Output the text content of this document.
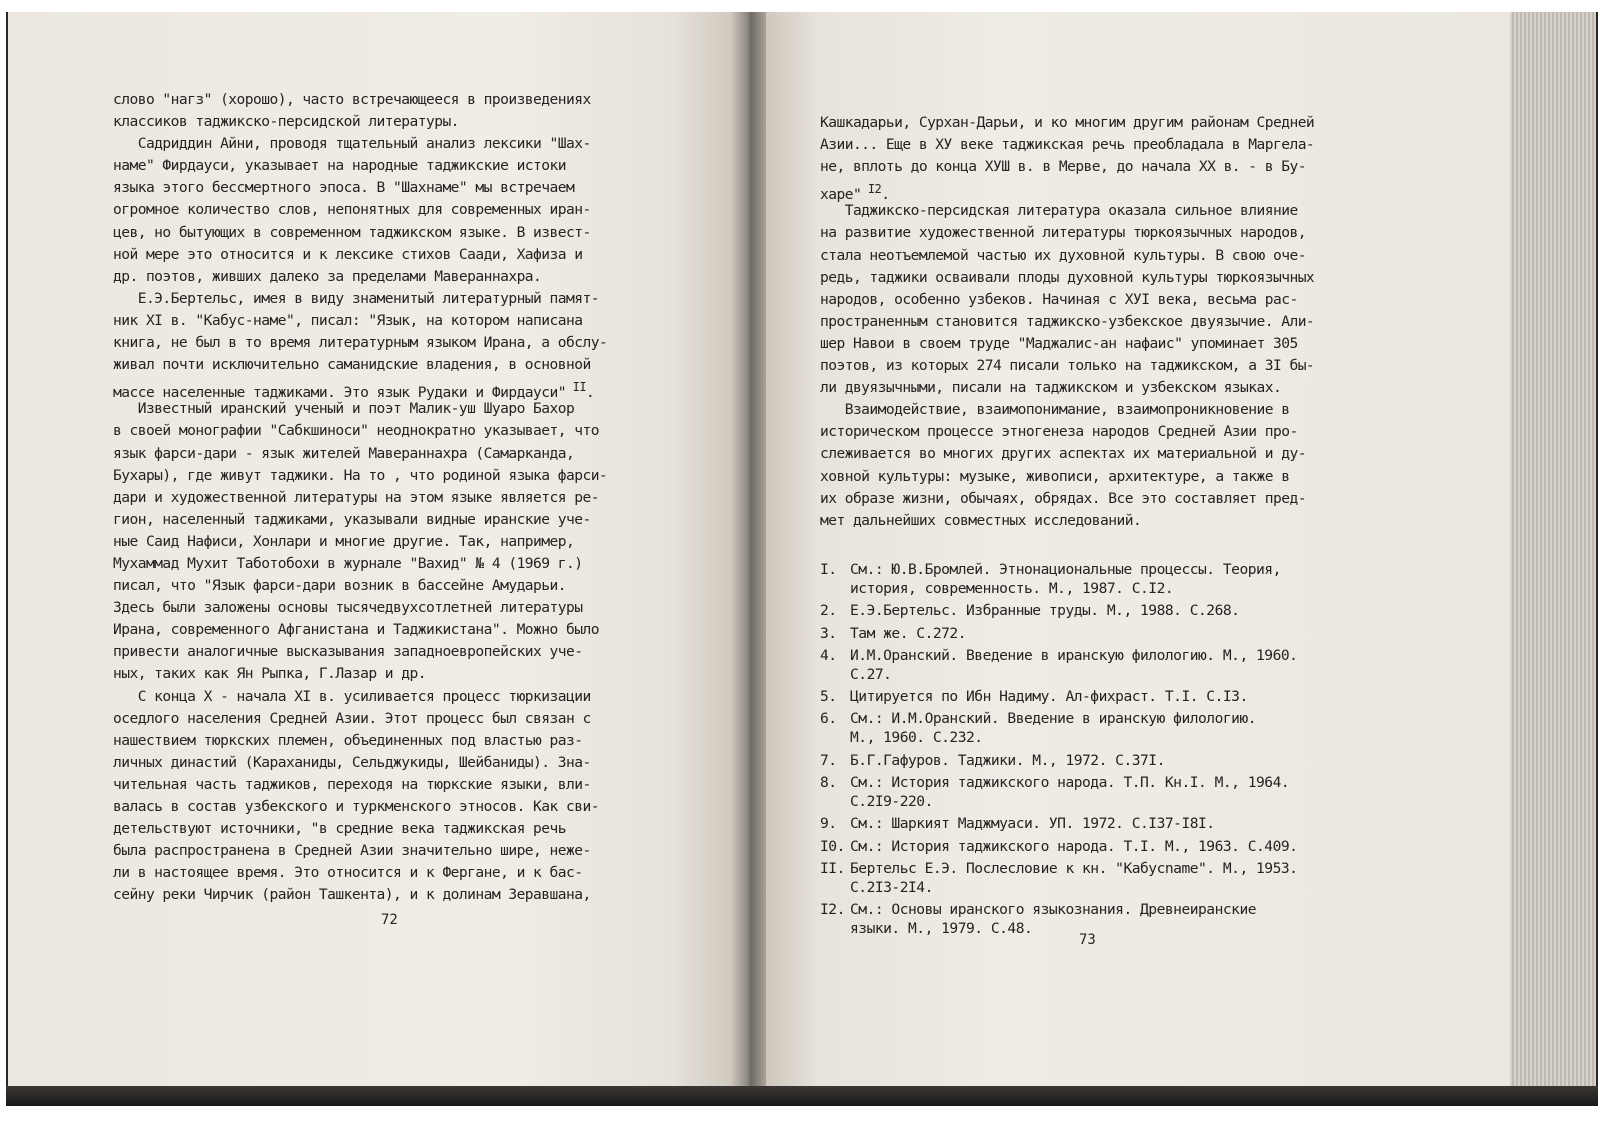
слово "нагз" (хорошо), часто встречающееся в произведениях
классиков таджикско-персидской литературы.
Садриддин Айни, проводя тщательный анализ лексики "Шах-
наме" Фирдауси, указывает на народные таджикские истоки
языка этого бессмертного эпоса. В "Шахнаме" мы встречаем
огромное количество слов, непонятных для современных иран-
цев, но бытующих в современном таджикском языке. В извест-
ной мере это относится и к лексике стихов Саади, Хафиза и
др. поэтов, живших далеко за пределами Мавераннахра.
Е.Э.Бертельс, имея в виду знаменитый литературный памят-
ник XI в. "Кабус-наме", писал: "Язык, на котором написана
книга, не был в то время литературным языком Ирана, а обслу-
живал почти исключительно саманидские владения, в основной
массе населенные таджиками. Это язык Рудаки и Фирдауси" $^{II}$.
Известный иранский ученый и поэт Малик-уш Шуаро Бахор
в своей монографии "Сабкшиноси" неоднократно указывает, что
язык фарси-дари - язык жителей Мавераннахра (Самарканда,
Бухары), где живут таджики. На то , что родиной языка фарси-
дари и художественной литературы на этом языке является ре-
гион, населенный таджиками, указывали видные иранские уче-
ные Саид Нафиси, Хонлари и многие другие. Так, например,
Мухаммад Мухит Таботобохи в журнале "Вахид" № 4 (1969 г.)
писал, что "Язык фарси-дари возник в бассейне Амударьи.
Здесь были заложены основы тысячедвухсотлетней литературы
Ирана, современного Афганистана и Таджикистана". Можно было
привести аналогичные высказывания западноевропейских уче-
ных, таких как Ян Рыпка, Г.Лазар и др.
С конца X - начала XI в. усиливается процесс тюркизации
оседлого населения Средней Азии. Этот процесс был связан с
нашествием тюркских племен, объединенных под властью раз-
личных династий (Караханиды, Сельджукиды, Шейбаниды). Зна-
чительная часть таджиков, переходя на тюркские языки, вли-
валась в состав узбекского и туркменского этносов. Как сви-
детельствуют источники, "в средние века таджикская речь
была распространена в Средней Азии значительно шире, нежe-
ли в настоящее время. Это относится и к Фергане, и к бас-
сейну реки Чирчик (район Ташкента), и к долинам Зеравшана,
72
Кашкадарьи, Сурхан-Дарьи, и ко многим другим районам Средней
Азии... Еще в XУ веке таджикская речь преобладала в Маргела-
не, вплоть до конца ХУШ в. в Мерве, до начала XX в. - в Бу-
харе" $^{I2}$.
Таджикско-персидская литература оказала сильное влияние
на развитие художественной литературы тюркоязычных народов,
стала неотъемлемой частью их духовной культуры. В свою оче-
редь, таджики осваивали плоды духовной культуры тюркоязычных
народов, особенно узбеков. Начиная с XУI века, весьма рас-
пространенным становится таджикско-узбекское двуязычие. Али-
шер Навои в своем труде "Маджалис-ан нафаис" упоминает 305
поэтов, из которых 274 писали только на таджикском, а 3I бы-
ли двуязычными, писали на таджикском и узбекском языках.
Взаимодействие, взаимопонимание, взаимопроникновение в
историческом процессе этногенеза народов Средней Азии про-
слеживается во многих других аспектах их материальной и ду-
ховной культуры: музыке, живописи, архитектуре, а также в
их образе жизни, обычаях, обрядах. Все это составляет пред-
мет дальнейших совместных исследований.
I. См.: Ю.В.Бромлей. Этнонациональные процессы. Теория,
история, современность. М., 1987. С.I2.
2. Е.Э.Бертельс. Избранные труды. М., 1988. С.268.
3. Там же. С.272.
4. И.М.Оранский. Введение в иранскую филологию. М., 1960.
С.27.
5. Цитируется по Ибн Надиму. Ал-фихраст. Т.I. С.I3.
6. См.: И.М.Оранский. Введение в иранскую филологию.
М., 1960. С.232.
7. Б.Г.Гафуров. Таджики. М., 1972. С.37I.
8. См.: История таджикского народа. Т.П. Кн.I. М., 1964.
С.2I9-220.
9. См.: Шаркият Маджмуаси. УП. 1972. С.I37-I8I.
I0. См.: История таджикского народа. Т.I. М., 1963. С.409.
II. Бертельс Е.Э. Послесловие к кн. "Кабусname". М., 1953.
С.2I3-2I4.
I2. См.: Основы иранского языкознания. Древнеиранские
языки. М., 1979. С.48.
73
